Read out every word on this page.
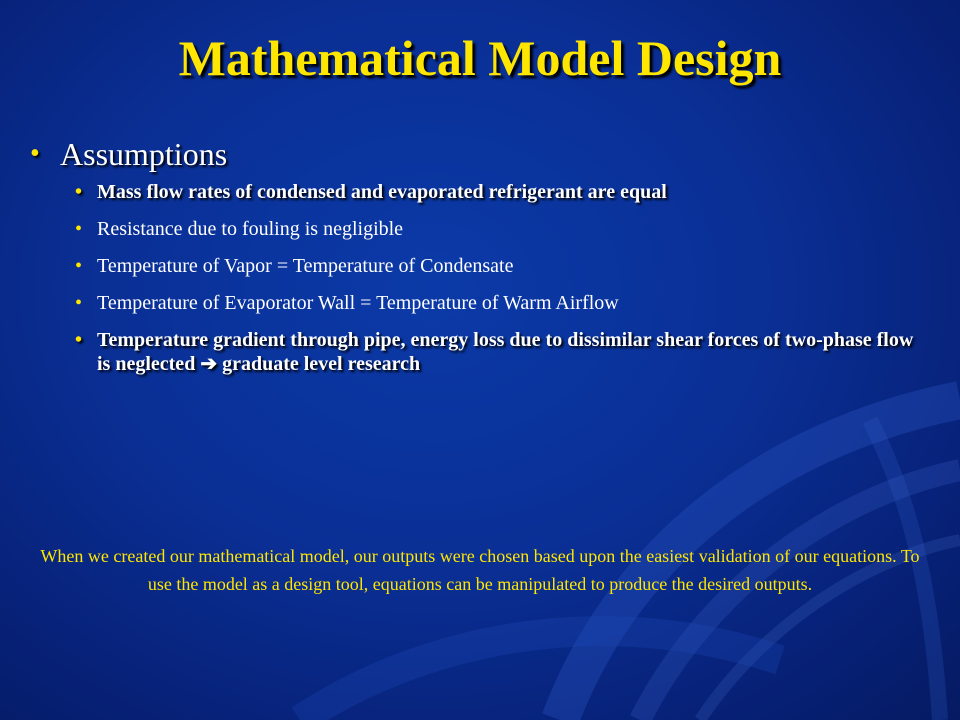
Mathematical Model Design
• Assumptions
• Mass flow rates of condensed and evaporated refrigerant are equal
• Resistance due to fouling is negligible
• Temperature of Vapor = Temperature of Condensate
• Temperature of Evaporator Wall = Temperature of Warm Airflow
• Temperature gradient through pipe, energy loss due to dissimilar shear forces of two-phase flow is neglected ➔ graduate level research
When we created our mathematical model, our outputs were chosen based upon the easiest validation of our equations. To use the model as a design tool, equations can be manipulated to produce the desired outputs.
